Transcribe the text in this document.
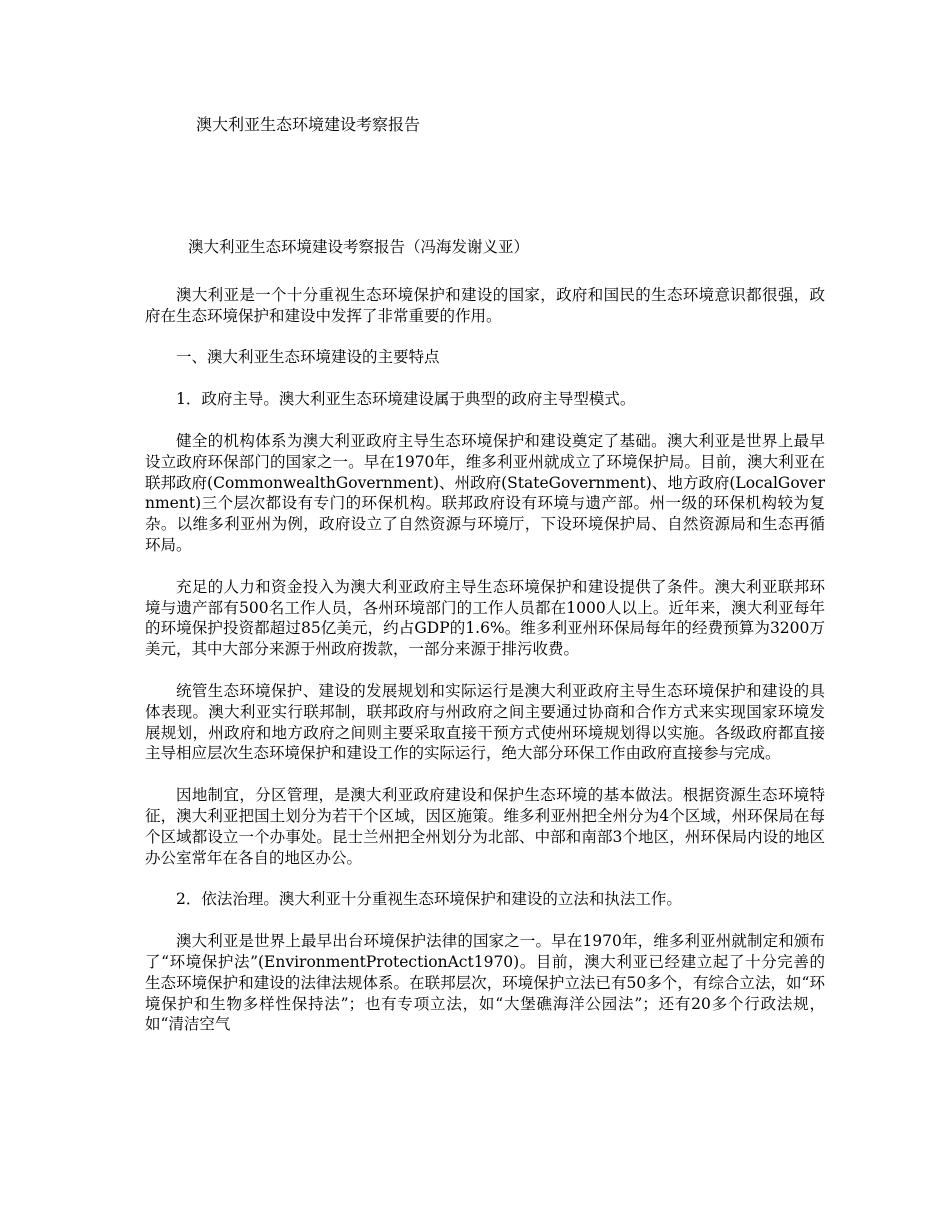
澳大利亚生态环境建设考察报告

澳大利亚生态环境建设考察报告（冯海发谢义亚）

澳大利亚是一个十分重视生态环境保护和建设的国家，政府和国民的生态环境意识都很强，政府在生态环境保护和建设中发挥了非常重要的作用。

一、澳大利亚生态环境建设的主要特点

1．政府主导。澳大利亚生态环境建设属于典型的政府主导型模式。

健全的机构体系为澳大利亚政府主导生态环境保护和建设奠定了基础。澳大利亚是世界上最早设立政府环保部门的国家之一。早在1970年，维多利亚州就成立了环境保护局。目前，澳大利亚在联邦政府(CommonwealthGovernment)、州政府(StateGovernment)、地方政府(LocalGovernment)三个层次都设有专门的环保机构。联邦政府设有环境与遗产部。州一级的环保机构较为复杂。以维多利亚州为例，政府设立了自然资源与环境厅，下设环境保护局、自然资源局和生态再循环局。

充足的人力和资金投入为澳大利亚政府主导生态环境保护和建设提供了条件。澳大利亚联邦环境与遗产部有500名工作人员，各州环境部门的工作人员都在1000人以上。近年来，澳大利亚每年的环境保护投资都超过85亿美元，约占GDP的1.6%。维多利亚州环保局每年的经费预算为3200万美元，其中大部分来源于州政府拨款，一部分来源于排污收费。

统管生态环境保护、建设的发展规划和实际运行是澳大利亚政府主导生态环境保护和建设的具体表现。澳大利亚实行联邦制，联邦政府与州政府之间主要通过协商和合作方式来实现国家环境发展规划，州政府和地方政府之间则主要采取直接干预方式使州环境规划得以实施。各级政府都直接主导相应层次生态环境保护和建设工作的实际运行，绝大部分环保工作由政府直接参与完成。

因地制宜，分区管理，是澳大利亚政府建设和保护生态环境的基本做法。根据资源生态环境特征，澳大利亚把国土划分为若干个区域，因区施策。维多利亚州把全州分为4个区域，州环保局在每个区域都设立一个办事处。昆士兰州把全州划分为北部、中部和南部3个地区，州环保局内设的地区办公室常年在各自的地区办公。

2．依法治理。澳大利亚十分重视生态环境保护和建设的立法和执法工作。

澳大利亚是世界上最早出台环境保护法律的国家之一。早在1970年，维多利亚州就制定和颁布了“环境保护法”(EnvironmentProtectionAct1970)。目前，澳大利亚已经建立起了十分完善的生态环境保护和建设的法律法规体系。在联邦层次，环境保护立法已有50多个，有综合立法，如“环境保护和生物多样性保持法”；也有专项立法，如“大堡礁海洋公园法”；还有20多个行政法规，如“清洁空气
